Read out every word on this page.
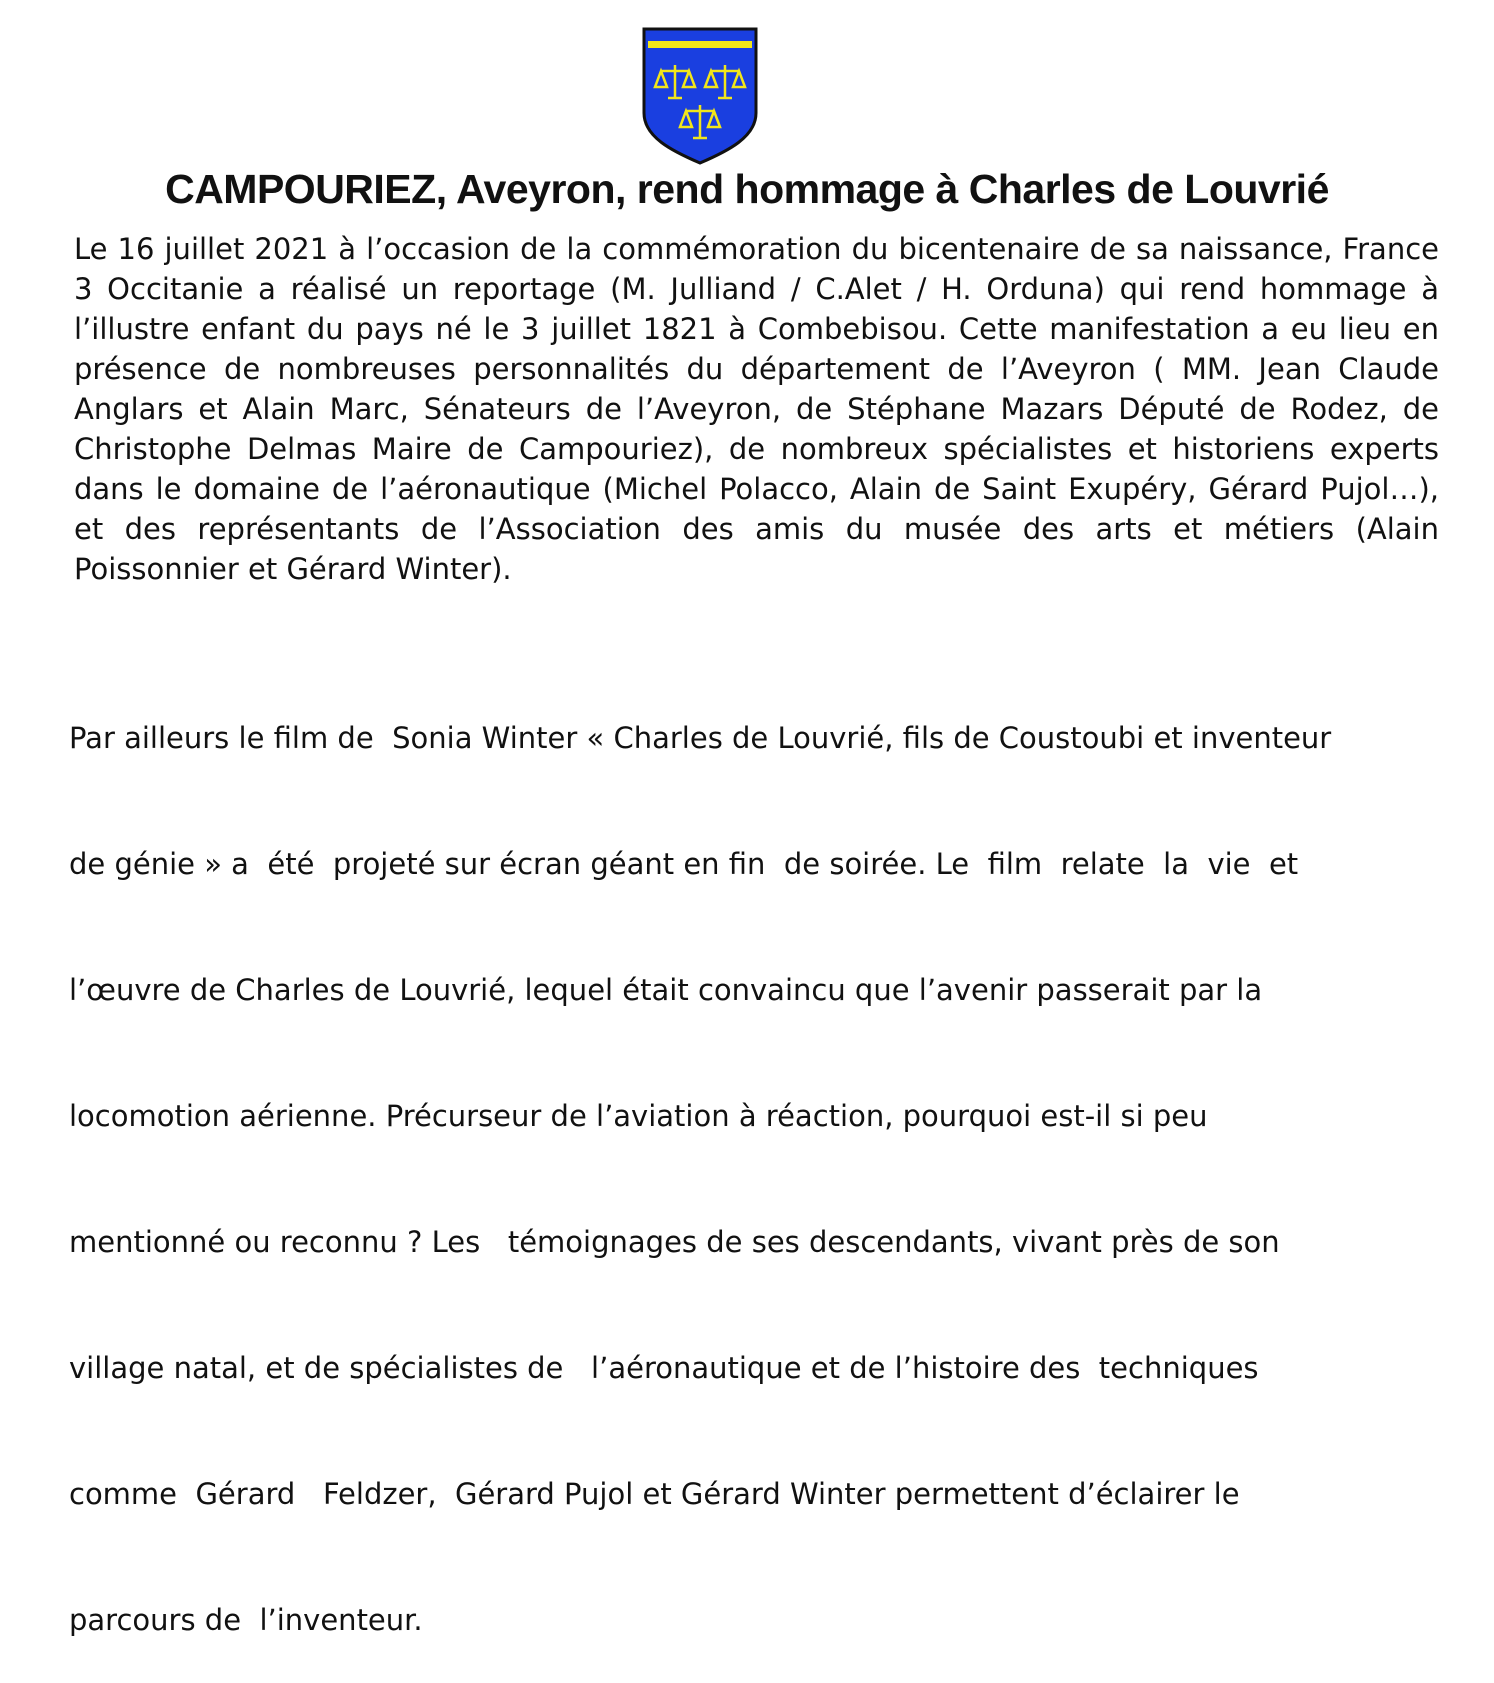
CAMPOURIEZ, Aveyron, rend hommage à Charles de Louvrié

Le 16 juillet 2021 à l’occasion de la commémoration du bicentenaire de sa naissance, France 3 Occitanie a réalisé un reportage (M. Julliand / C.Alet / H. Orduna) qui rend hommage à l’illustre enfant du pays né le 3 juillet 1821 à Combebisou. Cette manifestation a eu lieu en présence de nombreuses personnalités du département de l’Aveyron ( MM. Jean Claude Anglars et Alain Marc, Sénateurs de l’Aveyron, de Stéphane Mazars Député de Rodez, de Christophe Delmas Maire de Campouriez), de nombreux spécialistes et historiens experts dans le domaine de l’aéronautique (Michel Polacco, Alain de Saint Exupéry, Gérard Pujol…), et des représentants de l’Association des amis du musée des arts et métiers (Alain Poissonnier et Gérard Winter).

Par ailleurs le film de  Sonia Winter « Charles de Louvrié, fils de Coustoubi et inventeur

de génie » a  été  projeté sur écran géant en fin  de soirée. Le  film  relate  la  vie  et

l’œuvre de Charles de Louvrié, lequel était convaincu que l’avenir passerait par la

locomotion aérienne. Précurseur de l’aviation à réaction, pourquoi est-il si peu

mentionné ou reconnu ? Les   témoignages de ses descendants, vivant près de son

village natal, et de spécialistes de   l’aéronautique et de l’histoire des  techniques

comme  Gérard   Feldzer,  Gérard Pujol et Gérard Winter permettent d’éclairer le

parcours de  l’inventeur.
